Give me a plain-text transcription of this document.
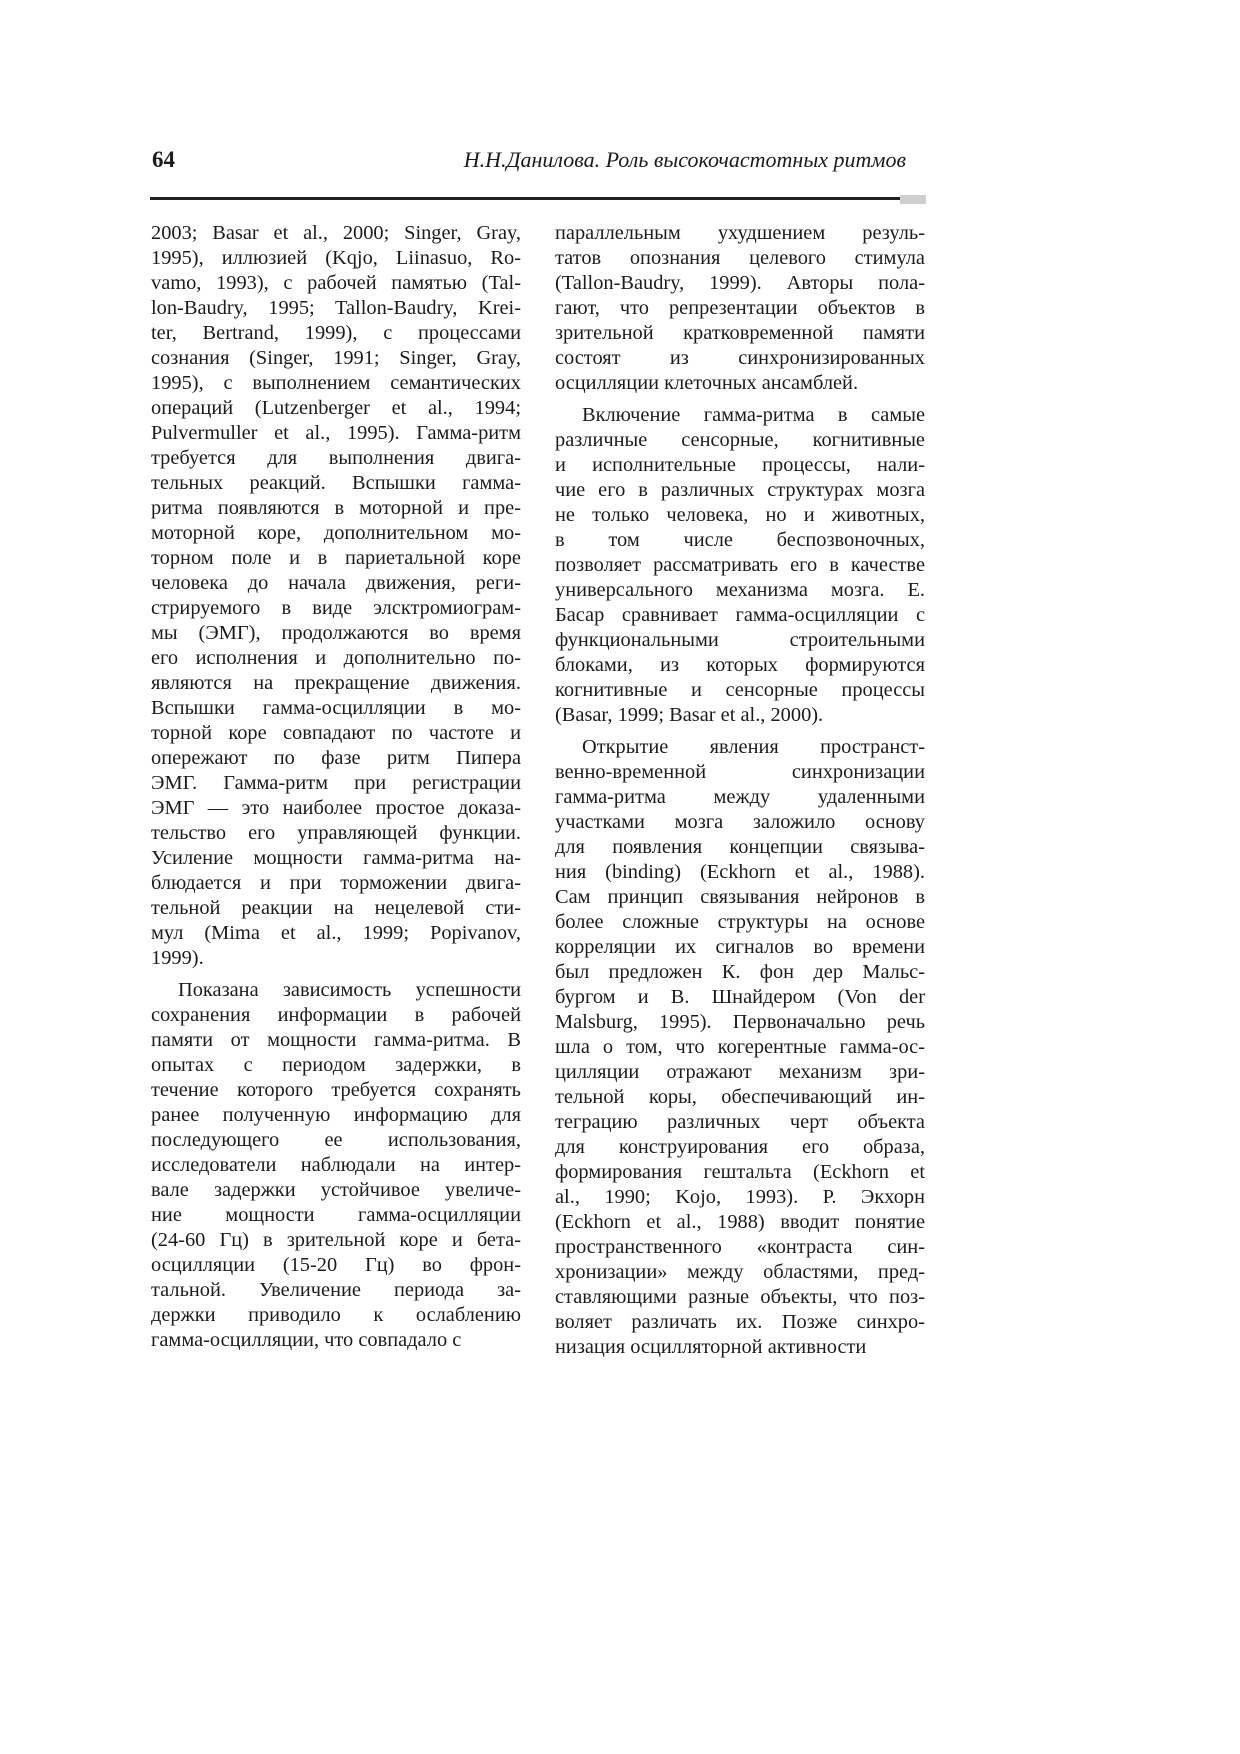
64	Н.Н.Данилова. Роль высокочастотных ритмов
2003; Basar et al., 2000; Singer, Gray,
1995), иллюзией (Kqjo, Liinasuo, Ro-
vamo, 1993), с рабочей памятью (Tal-
lon-Baudry, 1995; Tallon-Baudry, Krei-
ter, Bertrand, 1999), с процессами
сознания (Singer, 1991; Singer, Gray,
1995), с выполнением семантических
операций (Lutzenberger et al., 1994;
Pulvermuller et al., 1995). Гамма-ритм
требуется для выполнения двига-
тельных реакций. Вспышки гамма-
ритма появляются в моторной и пре-
моторной коре, дополнительном мо-
торном поле и в париетальной коре
человека до начала движения, реги-
стрируемого в виде элсктромиограм-
мы (ЭМГ), продолжаются во время
его исполнения и дополнительно по-
являются на прекращение движения.
Вспышки гамма-осцилляции в мо-
торной коре совпадают по частоте и
опережают по фазе ритм Пипера
ЭМГ. Гамма-ритм при регистрации
ЭМГ — это наиболее простое доказа-
тельство его управляющей функции.
Усиление мощности гамма-ритма на-
блюдается и при торможении двига-
тельной реакции на нецелевой сти-
мул (Mima et al., 1999; Popivanov,
1999).
Показана зависимость успешности
сохранения информации в рабочей
памяти от мощности гамма-ритма. В
опытах с периодом задержки, в
течение которого требуется сохранять
ранее полученную информацию для
последующего ее использования,
исследователи наблюдали на интер-
вале задержки устойчивое увеличе-
ние мощности гамма-осцилляции
(24-60 Гц) в зрительной коре и бета-
осцилляции (15-20 Гц) во фрон-
тальной. Увеличение периода за-
держки приводило к ослаблению
гамма-осцилляции, что совпадало с
параллельным ухудшением резуль-
татов опознания целевого стимула
(Tallon-Baudry, 1999). Авторы пола-
гают, что репрезентации объектов в
зрительной кратковременной памяти
состоят из синхронизированных
осцилляции клеточных ансамблей.
Включение гамма-ритма в самые
различные сенсорные, когнитивные
и исполнительные процессы, нали-
чие его в различных структурах мозга
не только человека, но и животных,
в том числе беспозвоночных,
позволяет рассматривать его в качестве
универсального механизма мозга. Е.
Басар сравнивает гамма-осцилляции с
функциональными строительными
блоками, из которых формируются
когнитивные и сенсорные процессы
(Basar, 1999; Basar et al., 2000).
Открытие явления пространст-
венно-временной синхронизации
гамма-ритма между удаленными
участками мозга заложило основу
для появления концепции связыва-
ния (binding) (Eckhorn et al., 1988).
Сам принцип связывания нейронов в
более сложные структуры на основе
корреляции их сигналов во времени
был предложен К. фон дер Мальс-
бургом и В. Шнайдером (Von der
Malsburg, 1995). Первоначально речь
шла о том, что когерентные гамма-ос-
цилляции отражают механизм зри-
тельной коры, обеспечивающий ин-
теграцию различных черт объекта
для конструирования его образа,
формирования гештальта (Eckhorn et
al., 1990; Kojo, 1993). Р. Экхорн
(Eckhorn et al., 1988) вводит понятие
пространственного «контраста син-
хронизации» между областями, пред-
ставляющими разные объекты, что поз-
воляет различать их. Позже синхро-
низация осцилляторной активности
